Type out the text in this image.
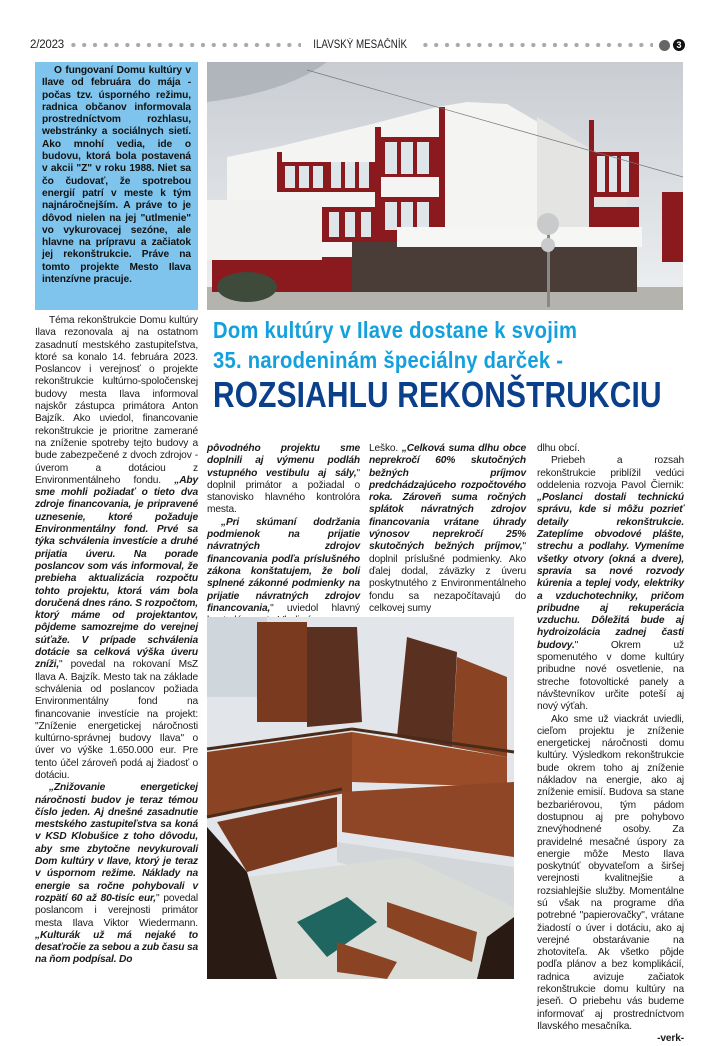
2/2023	ILAVSKÝ MESAČNÍK	3

O fungovaní Domu kultúry v Ilave od februára do mája - počas tzv. úsporného režimu, radnica občanov informovala prostredníctvom rozhlasu, webstránky a sociálnych sietí. Ako mnohí vedia, ide o budovu, ktorá bola postavená v akcii "Z" v roku 1988. Niet sa čo čudovať, že spotrebou energií patrí v meste k tým najnáročnejším. A práve to je dôvod nielen na jej "utlmenie" vo vykurovacej sezóne, ale hlavne na prípravu a začiatok jej rekonštrukcie. Práve na tomto projekte Mesto Ilava intenzívne pracuje.

Dom kultúry v Ilave dostane k svojim
35. narodeninám špeciálny darček -
ROZSIAHLU REKONŠTRUKCIU

Téma rekonštrukcie Domu kultúry Ilava rezonovala aj na ostatnom zasadnutí mestského zastupiteľstva, ktoré sa konalo 14. februára 2023. Poslancov i verejnosť o projekte rekonštrukcie kultúrno-spoločenskej budovy mesta Ilava informoval najskôr zástupca primátora Anton Bajzík. Ako uviedol, financovanie rekonštrukcie je prioritne zamerané na zníženie spotreby tejto budovy a bude zabezpečené z dvoch zdrojov - úverom a dotáciou z Environmentálneho fondu. „Aby sme mohli požiadať o tieto dva zdroje financovania, je pripravené uznesenie, ktoré požaduje Environmentálny fond. Prvé sa týka schválenia investície a druhé prijatia úveru. Na porade poslancov som vás informoval, že prebieha aktualizácia rozpočtu tohto projektu, ktorá vám bola doručená dnes ráno. S rozpočtom, ktorý máme od projektantov, pôjdeme samozrejme do verejnej súťaže. V prípade schválenia dotácie sa celková výška úveru zníži," povedal na rokovaní MsZ Ilava A. Bajzík. Mesto tak na základe schválenia od poslancov požiada Environmentálny fond na financovanie investície na projekt: "Zníženie energetickej náročnosti kultúrno-správnej budovy Ilava" o úver vo výške 1.650.000 eur. Pre tento účel zároveň podá aj žiadosť o dotáciu.

„Znižovanie energetickej náročnosti budov je teraz témou číslo jeden. Aj dnešné zasadnutie mestského zastupiteľstva sa koná v KSD Klobušice z toho dôvodu, aby sme zbytočne nevykurovali Dom kultúry v Ilave, ktorý je teraz v úspornom režime. Náklady na energie sa ročne pohybovali v rozpätí 60 až 80-tisíc eur," povedal poslancom i verejnosti primátor mesta Ilava Viktor Wiedermann. „Kulturák už má nejaké to desaťročie za sebou a zub času sa na ňom podpísal. Do

pôvodného projektu sme doplnili aj výmenu podláh vstupného vestibulu aj sály," doplnil primátor a požiadal o stanovisko hlavného kontrolóra mesta.

„Pri skúmaní dodržania podmienok na prijatie návratných zdrojov financovania podľa príslušného zákona konštatujem, že boli splnené zákonné podmienky na prijatie návratných zdrojov financovania," uviedol hlavný

Leško. „Celková suma dlhu obce neprekročí 60% skutočných bežných príjmov predchádzajúceho rozpočtového roka. Zároveň suma ročných splátok návratných zdrojov financovania vrátane úhrady výnosov neprekročí 25% skutočných bežných príjmov," doplnil príslušné podmienky. Ako ďalej dodal, záväzky z úveru poskytnutého z Environmentálneho fondu sa nezapočítavajú do celkovej sumy

dlhu obcí.

Priebeh a rozsah rekonštrukcie priblížil vedúci oddelenia rozvoja Pavol Čiernik: „Poslanci dostali technickú správu, kde si môžu pozrieť detaily rekonštrukcie. Zateplíme obvodové plášte, strechu a podlahy. Vymeníme všetky otvory (okná a dvere), spravia sa nové rozvody kúrenia a teplej vody, elektriky a vzduchotechniky, pričom pribudne aj rekuperácia vzduchu. Dôležitá bude aj hydroizolácia zadnej časti budovy." Okrem už spomenutého v dome kultúry pribudne nové osvetlenie, na streche fotovoltické panely a návštevníkov určite poteší aj nový výťah.

Ako sme už viackrát uviedli, cieľom projektu je zníženie energetickej náročnosti domu kultúry. Výsledkom rekonštrukcie bude okrem toho aj zníženie nákladov na energie, ako aj zníženie emisií. Budova sa stane bezbariérovou, tým pádom dostupnou aj pre pohybovo znevýhodnené osoby. Za pravidelné mesačné úspory za energie môže Mesto Ilava poskytnúť obyvateľom a širšej verejnosti kvalitnejšie a rozsiahlejšie služby. Momentálne sú však na programe dňa potrebné "papierovačky", vrátane žiadostí o úver i dotáciu, ako aj verejné obstarávanie na zhotoviteľa. Ak všetko pôjde podľa plánov a bez komplikácií, radnica avizuje začiatok rekonštrukcie domu kultúry na jeseň. O priebehu vás budeme informovať aj prostredníctvom Ilavského mesačníka.

-verk-
